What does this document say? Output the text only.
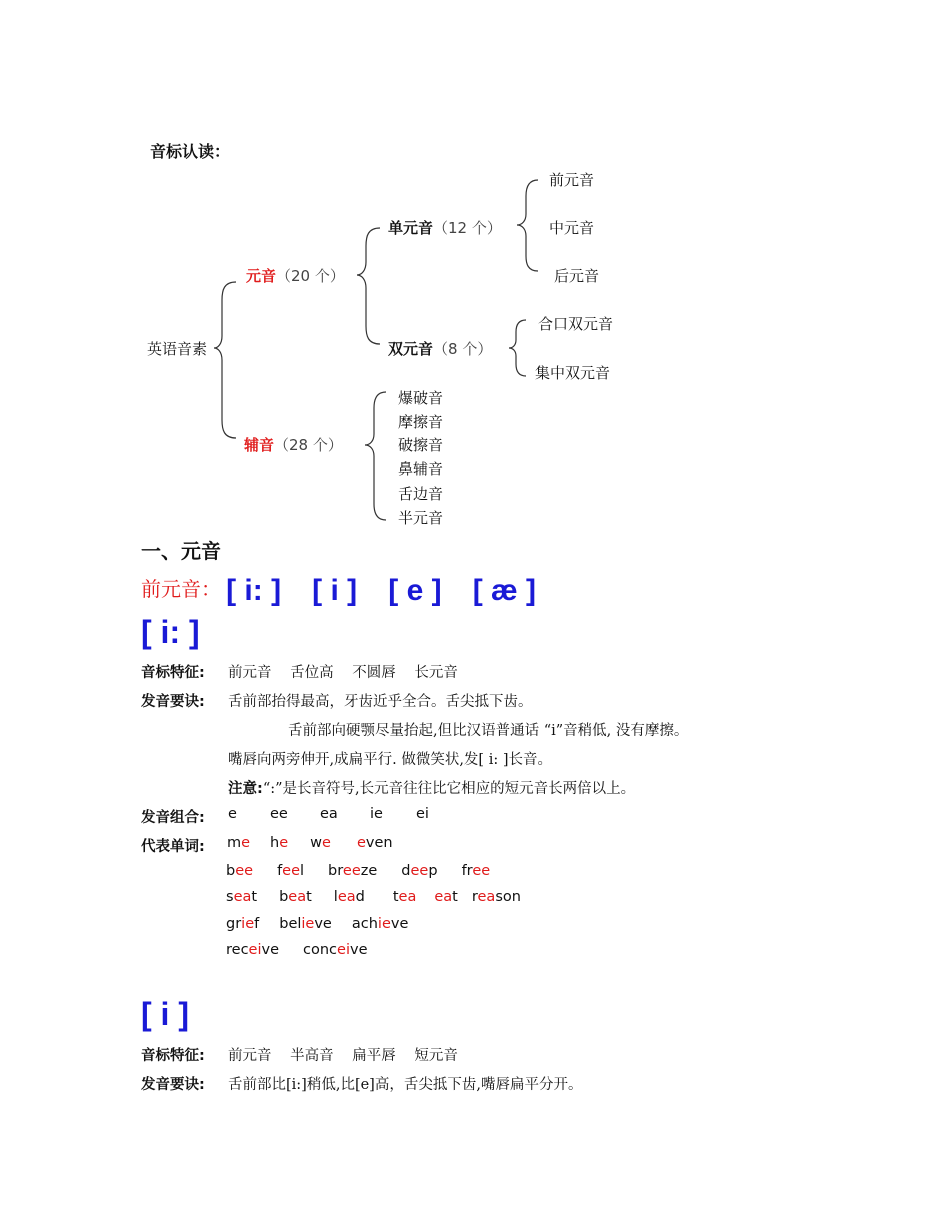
音标认读：
英语音素
元音（20 个）
辅音（28 个）
单元音（12 个）
双元音（8 个）
前元音
中元音
后元音
合口双元音
集中双元音
爆破音
摩擦音
破擦音
鼻辅音
舌边音
半元音
一、元音
前元音： [ i: ] [ i ] [ e ] [ æ ]
[ i: ]
音标特征: 前元音 舌位高 不圆唇 长元音
发音要诀: 舌前部抬得最高，牙齿近乎全合。舌尖抵下齿。
舌前部向硬颚尽量抬起,但比汉语普通话 “i”音稍低, 没有摩擦。
嘴唇向两旁伸开,成扁平行. 做微笑状,发[ i: ]长音。
注意:“:”是长音符号,长元音往往比它相应的短元音长两倍以上。
发音组合: e ee ea ie ei
代表单词: me he we even
bee feel breeze deep free
seat beat lead tea eat reason
grief believe achieve
receive conceive
[ i ]
音标特征: 前元音 半高音 扁平唇 短元音
发音要诀: 舌前部比[i:]稍低,比[e]高，舌尖抵下齿,嘴唇扁平分开。
